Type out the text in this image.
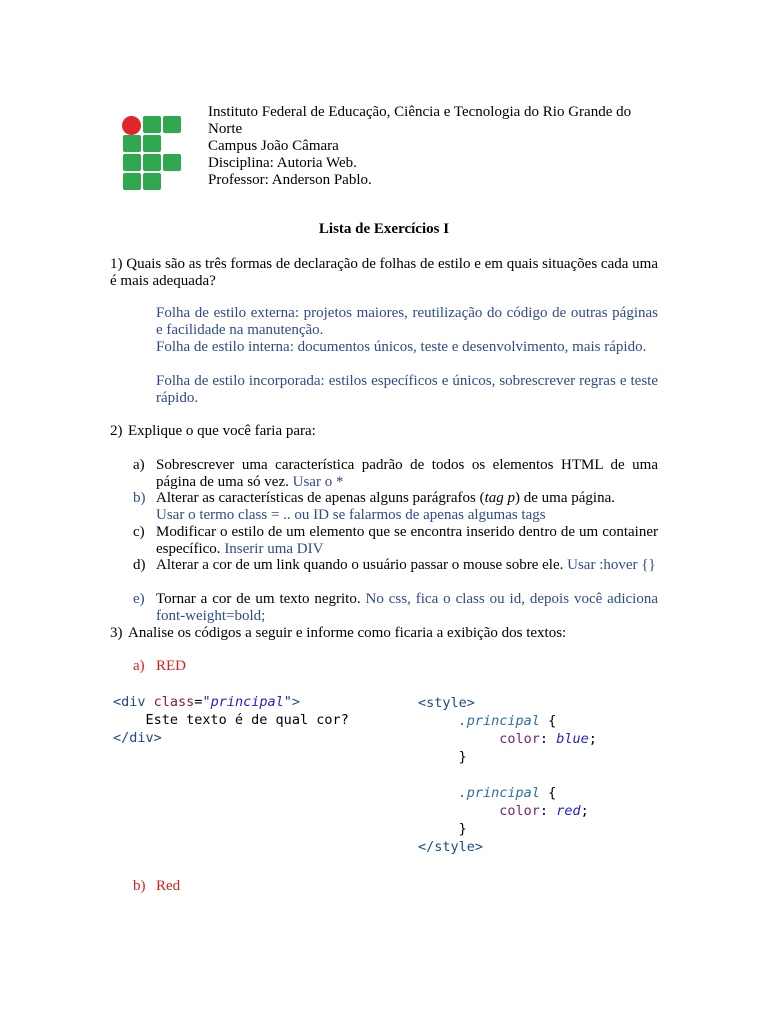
Instituto Federal de Educação, Ciência e Tecnologia do Rio Grande do
Norte
Campus João Câmara
Disciplina: Autoria Web.
Professor: Anderson Pablo.
Lista de Exercícios I
1) Quais são as três formas de declaração de folhas de estilo e em quais situações cada uma é mais adequada?
Folha de estilo externa: projetos maiores, reutilização do código de outras páginas e facilidade na manutenção.
Folha de estilo interna: documentos únicos, teste e desenvolvimento, mais rápido.
Folha de estilo incorporada: estilos específicos e únicos, sobrescrever regras e teste rápido.
2) Explique o que você faria para:
a) Sobrescrever uma característica padrão de todos os elementos HTML de uma página de uma só vez. Usar o *
b) Alterar as características de apenas alguns parágrafos (tag p) de uma página.
Usar o termo class = .. ou ID se falarmos de apenas algumas tags
c) Modificar o estilo de um elemento que se encontra inserido dentro de um container específico. Inserir uma DIV
d) Alterar a cor de um link quando o usuário passar o mouse sobre ele. Usar :hover {}
e) Tornar a cor de um texto negrito. No css, fica o class ou id, depois você adiciona font-weight=bold;
3) Analise os códigos a seguir e informe como ficaria a exibição dos textos:
a) RED
<div class="principal">
Este texto é de qual cor?
</div>
<style>
.principal {
color: blue;
}

.principal {
color: red;
}
</style>
b) Red
